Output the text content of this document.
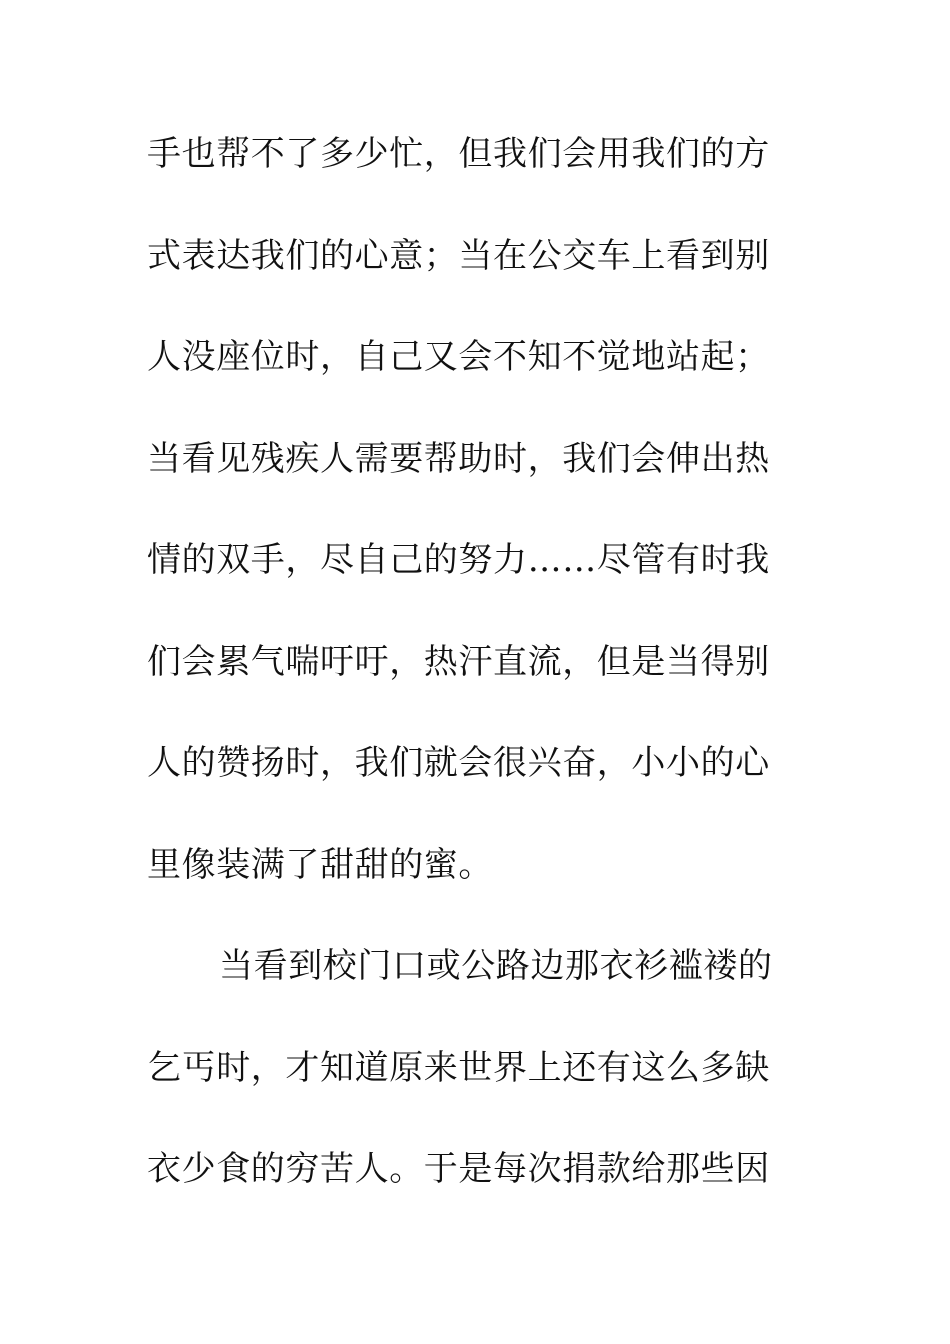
手也帮不了多少忙，但我们会用我们的方
式表达我们的心意；当在公交车上看到别
人没座位时，自己又会不知不觉地站起；
当看见残疾人需要帮助时，我们会伸出热
情的双手，尽自己的努力……尽管有时我
们会累气喘吁吁，热汗直流，但是当得别
人的赞扬时，我们就会很兴奋，小小的心
里像装满了甜甜的蜜。
当看到校门口或公路边那衣衫褴褛的
乞丐时，才知道原来世界上还有这么多缺
衣少食的穷苦人。于是每次捐款给那些因
